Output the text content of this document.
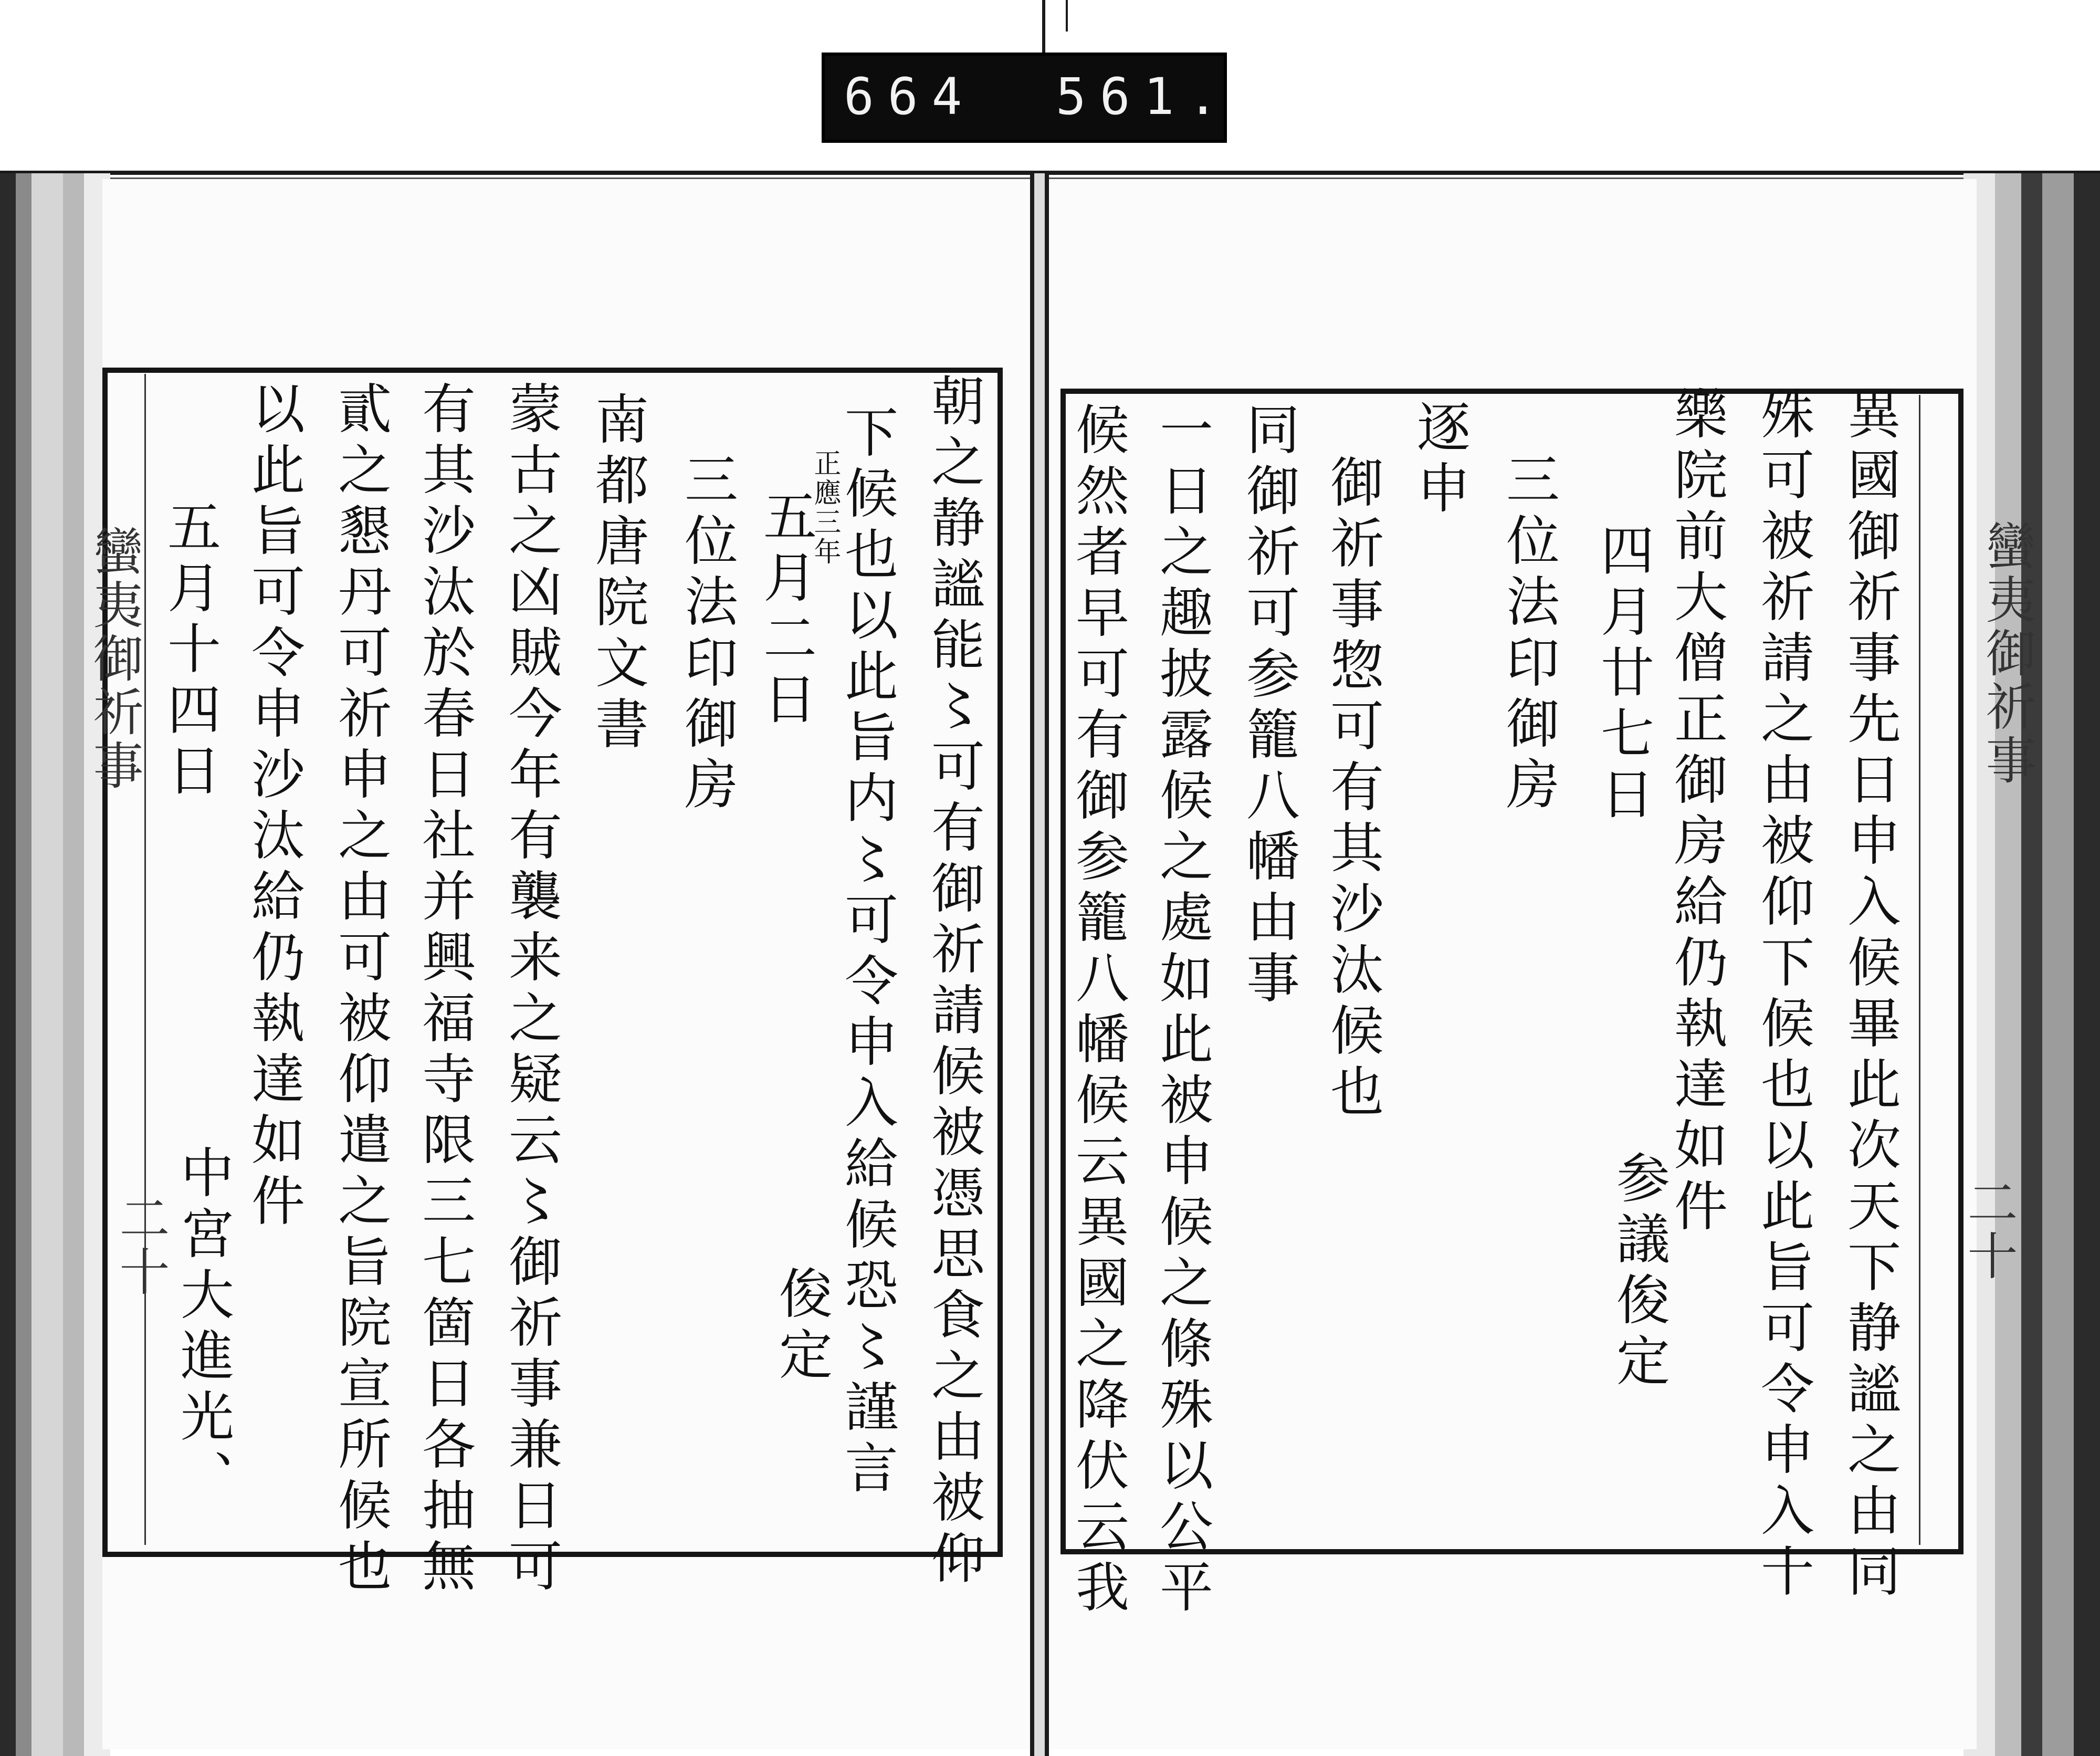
664 561.
蠻夷御祈事
二十
蠻夷御祈事
二十
朝之静謐能〻可有御祈請候被憑思食之由被仰
下候也以此旨内〻可令申入給候恐〻謹言
正應三年
五月二日
俊定
三位法印御房
南都唐院文書
蒙古之凶賊今年有襲来之疑云〻御祈事兼日可
有其沙汰於春日社并興福寺限三七箇日各抽無
貳之懇丹可祈申之由可被仰遣之旨院宣所候也
以此旨可令申沙汰給仍執達如件
五月十四日
中宮大進光、	異國御祈事先日申入候畢此次天下静謐之由同
殊可被祈請之由被仰下候也以此旨可令申入十
樂院前大僧正御房給仍執達如件
四月廿七日
参議俊定
三位法印御房
逐申
御祈事惣可有其沙汰候也
同御祈可参籠八幡由事
一日之趣披露候之處如此被申候之條殊以公平
候然者早可有御参籠八幡候云異國之降伏云我
